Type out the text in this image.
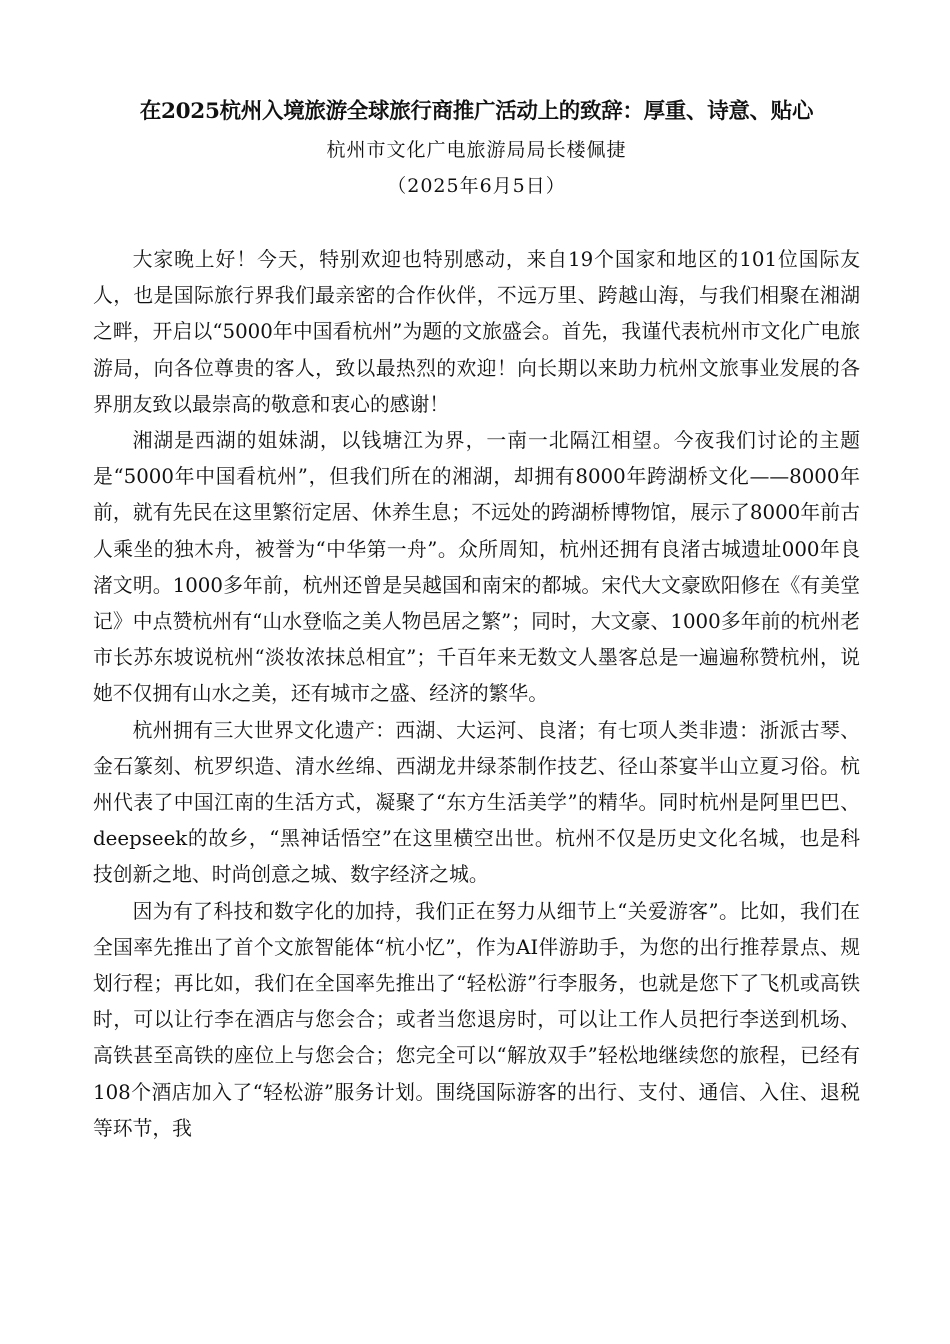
在2025杭州入境旅游全球旅行商推广活动上的致辞：厚重、诗意、贴心

杭州市文化广电旅游局局长楼佩捷

（2025年6月5日）

大家晚上好！今天，特别欢迎也特别感动，来自19个国家和地区的101位国际友人，也是国际旅行界我们最亲密的合作伙伴，不远万里、跨越山海，与我们相聚在湘湖之畔，开启以“5000年中国看杭州”为题的文旅盛会。首先，我谨代表杭州市文化广电旅游局，向各位尊贵的客人，致以最热烈的欢迎！向长期以来助力杭州文旅事业发展的各界朋友致以最崇高的敬意和衷心的感谢！

湘湖是西湖的姐妹湖，以钱塘江为界，一南一北隔江相望。今夜我们讨论的主题是“5000年中国看杭州”，但我们所在的湘湖，却拥有8000年跨湖桥文化——8000年前，就有先民在这里繁衍定居、休养生息；不远处的跨湖桥博物馆，展示了8000年前古人乘坐的独木舟，被誉为“中华第一舟”。众所周知，杭州还拥有良渚古城遗址000年良渚文明。1000多年前，杭州还曾是吴越国和南宋的都城。宋代大文豪欧阳修在《有美堂记》中点赞杭州有“山水登临之美人物邑居之繁”；同时，大文豪、1000多年前的杭州老市长苏东坡说杭州“淡妆浓抹总相宜”；千百年来无数文人墨客总是一遍遍称赞杭州，说她不仅拥有山水之美，还有城市之盛、经济的繁华。

杭州拥有三大世界文化遗产：西湖、大运河、良渚；有七项人类非遗：浙派古琴、金石篆刻、杭罗织造、清水丝绵、西湖龙井绿茶制作技艺、径山茶宴半山立夏习俗。杭州代表了中国江南的生活方式，凝聚了“东方生活美学”的精华。同时杭州是阿里巴巴、deepseek的故乡，“黑神话悟空”在这里横空出世。杭州不仅是历史文化名城，也是科技创新之地、时尚创意之城、数字经济之城。

因为有了科技和数字化的加持，我们正在努力从细节上“关爱游客”。比如，我们在全国率先推出了首个文旅智能体“杭小忆”，作为AI伴游助手，为您的出行推荐景点、规划行程；再比如，我们在全国率先推出了“轻松游”行李服务，也就是您下了飞机或高铁时，可以让行李在酒店与您会合；或者当您退房时，可以让工作人员把行李送到机场、高铁甚至高铁的座位上与您会合；您完全可以“解放双手”轻松地继续您的旅程，已经有108个酒店加入了“轻松游”服务计划。围绕国际游客的出行、支付、通信、入住、退税等环节，我
